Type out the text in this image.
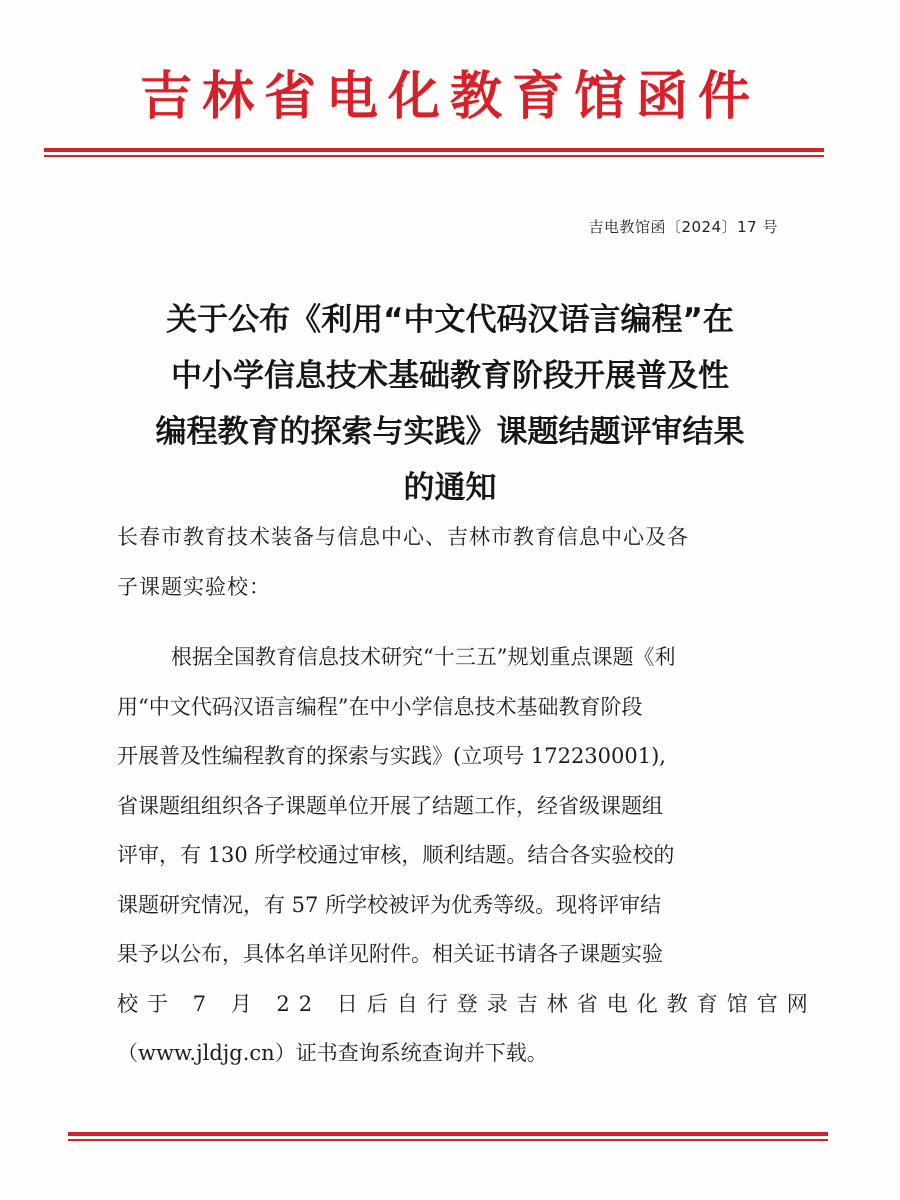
吉林省电化教育馆函件
吉电教馆函〔2024〕17 号
关于公布《利用“中文代码汉语言编程”在
中小学信息技术基础教育阶段开展普及性
编程教育的探索与实践》课题结题评审结果
的通知
长春市教育技术装备与信息中心、吉林市教育信息中心及各
子课题实验校：
根据全国教育信息技术研究“十三五”规划重点课题《利
用“中文代码汉语言编程”在中小学信息技术基础教育阶段
开展普及性编程教育的探索与实践》(立项号 172230001),
省课题组组织各子课题单位开展了结题工作，经省级课题组
评审，有 130 所学校通过审核，顺利结题。结合各实验校的
课题研究情况，有 57 所学校被评为优秀等级。现将评审结
果予以公布，具体名单详见附件。相关证书请各子课题实验
校于 7 月 22 日后自行登录吉林省电化教育馆官网
（www.jldjg.cn）证书查询系统查询并下载。
